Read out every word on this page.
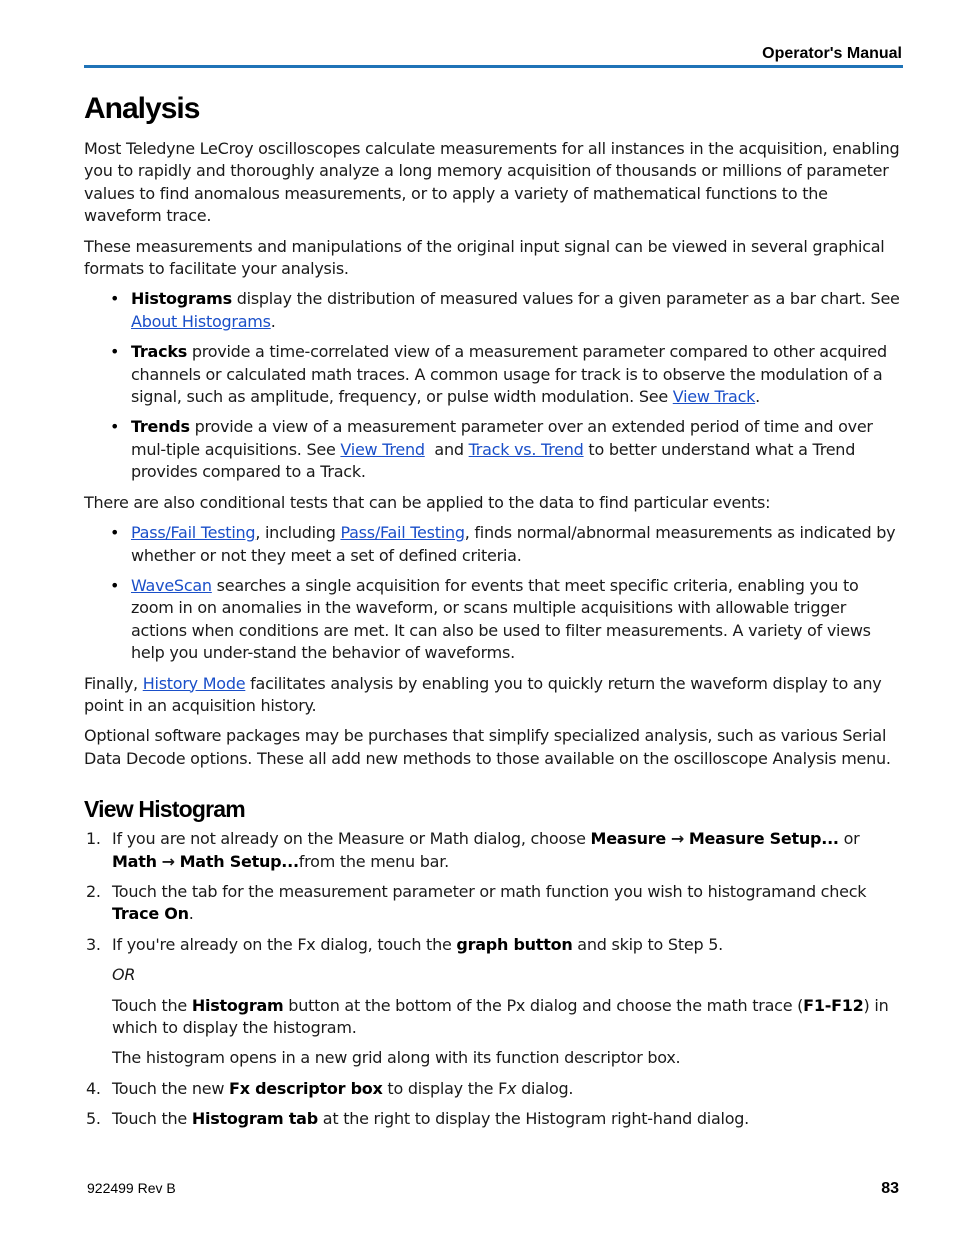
Operator's Manual
Analysis

Most Teledyne LeCroy oscilloscopes calculate measurements for all instances in the acquisition, enabling you to rapidly and thoroughly analyze a long memory acquisition of thousands or millions of parameter values to find anomalous measurements, or to apply a variety of mathematical functions to the waveform trace.

These measurements and manipulations of the original input signal can be viewed in several graphical formats to facilitate your analysis.

• Histograms display the distribution of measured values for a given parameter as a bar chart. See About Histograms.
• Tracks provide a time-correlated view of a measurement parameter compared to other acquired channels or calculated math traces. A common usage for track is to observe the modulation of a signal, such as amplitude, frequency, or pulse width modulation. See View Track.
• Trends provide a view of a measurement parameter over an extended period of time and over mul-tiple acquisitions. See View Trend  and Track vs. Trend to better understand what a Trend provides compared to a Track.

There are also conditional tests that can be applied to the data to find particular events:

• Pass/Fail Testing, including Pass/Fail Testing, finds normal/abnormal measurements as indicated by whether or not they meet a set of defined criteria.
• WaveScan searches a single acquisition for events that meet specific criteria, enabling you to zoom in on anomalies in the waveform, or scans multiple acquisitions with allowable trigger actions when conditions are met. It can also be used to filter measurements. A variety of views help you under-stand the behavior of waveforms.

Finally, History Mode facilitates analysis by enabling you to quickly return the waveform display to any point in an acquisition history.

Optional software packages may be purchases that simplify specialized analysis, such as various Serial Data Decode options. These all add new methods to those available on the oscilloscope Analysis menu.

View Histogram
1. If you are not already on the Measure or Math dialog, choose Measure → Measure Setup... or Math → Math Setup...from the menu bar.
2. Touch the tab for the measurement parameter or math function you wish to histogramand check Trace On.
3. If you're already on the Fx dialog, touch the graph button and skip to Step 5.
OR
Touch the Histogram button at the bottom of the Px dialog and choose the math trace (F1-F12) in which to display the histogram.
The histogram opens in a new grid along with its function descriptor box.
4. Touch the new Fx descriptor box to display the Fx dialog.
5. Touch the Histogram tab at the right to display the Histogram right-hand dialog.
922499 Rev B	83
